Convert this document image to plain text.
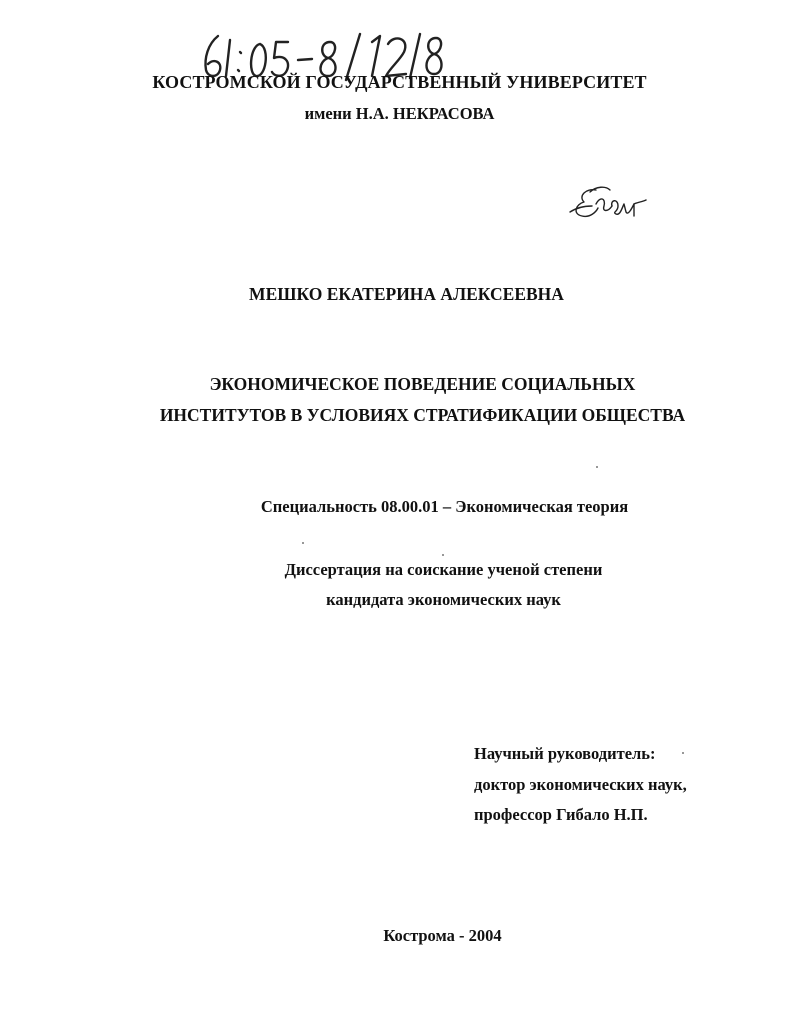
КОСТРОМСКОЙ ГОСУДАРСТВЕННЫЙ УНИВЕРСИТЕТ

имени Н.А. НЕКРАСОВА

МЕШКО ЕКАТЕРИНА АЛЕКСЕЕВНА

ЭКОНОМИЧЕСКОЕ ПОВЕДЕНИЕ СОЦИАЛЬНЫХ

ИНСТИТУТОВ В УСЛОВИЯХ СТРАТИФИКАЦИИ ОБЩЕСТВА

Специальность 08.00.01 – Экономическая теория

Диссертация на соискание ученой степени

кандидата экономических наук

Научный руководитель:

доктор экономических наук,

профессор Гибало Н.П.

Кострома - 2004
